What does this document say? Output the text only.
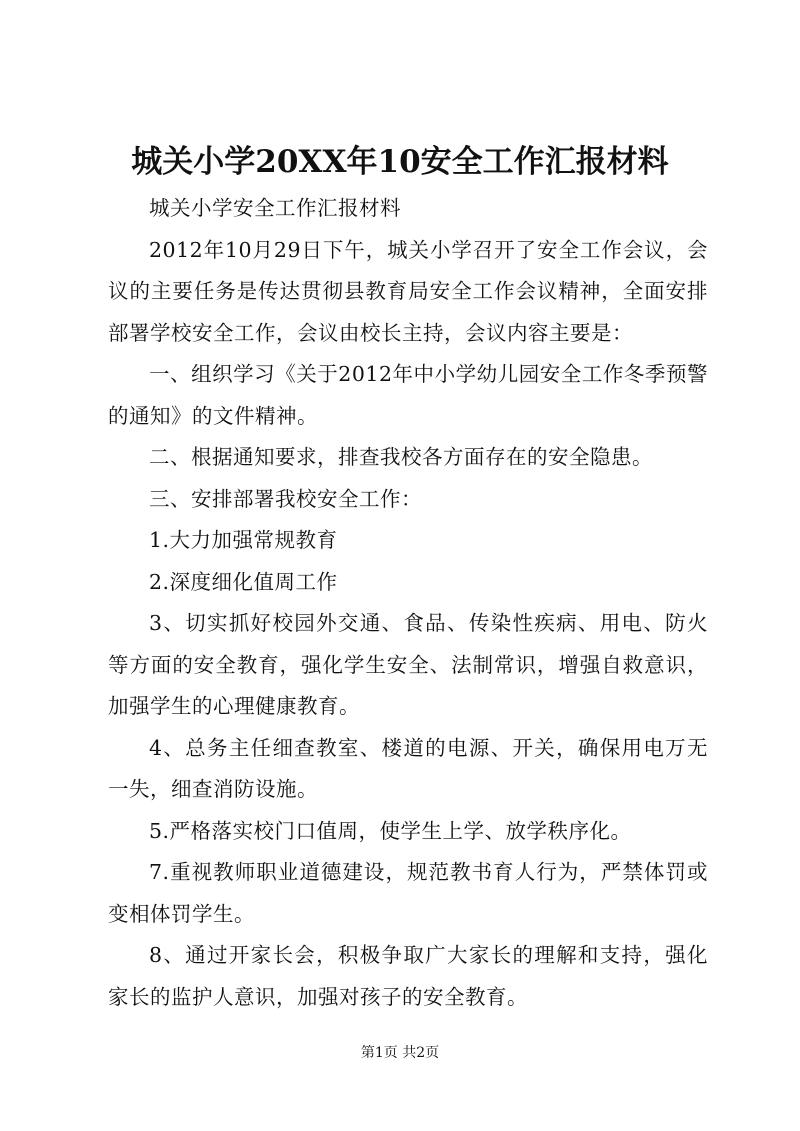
城关小学20XX年10安全工作汇报材料

城关小学安全工作汇报材料

2012年10月29日下午，城关小学召开了安全工作会议，会议的主要任务是传达贯彻县教育局安全工作会议精神，全面安排部署学校安全工作，会议由校长主持，会议内容主要是：

一、组织学习《关于2012年中小学幼儿园安全工作冬季预警的通知》的文件精神。

二、根据通知要求，排查我校各方面存在的安全隐患。

三、安排部署我校安全工作：

1.大力加强常规教育

2.深度细化值周工作

3、切实抓好校园外交通、食品、传染性疾病、用电、防火等方面的安全教育，强化学生安全、法制常识，增强自救意识，加强学生的心理健康教育。

4、总务主任细查教室、楼道的电源、开关，确保用电万无一失，细查消防设施。

5.严格落实校门口值周，使学生上学、放学秩序化。

7.重视教师职业道德建设，规范教书育人行为，严禁体罚或变相体罚学生。

8、通过开家长会，积极争取广大家长的理解和支持，强化家长的监护人意识，加强对孩子的安全教育。

第1页 共2页
